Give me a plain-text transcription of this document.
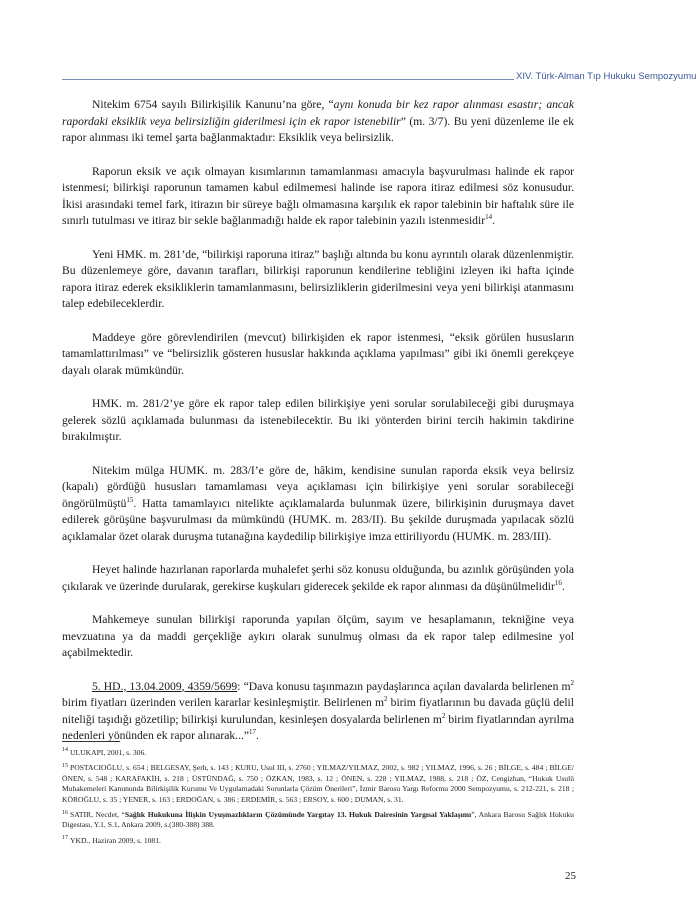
XIV. Türk-Alman Tıp Hukuku Sempozyumu

Nitekim 6754 sayılı Bilirkişilik Kanunu’na göre, “aynı konuda bir kez rapor alınması esastır; ancak rapordaki eksiklik veya belirsizliğin giderilmesi için ek rapor istenebilir” (m. 3/7). Bu yeni düzenleme ile ek rapor alınması iki temel şarta bağlanmaktadır: Eksiklik veya belirsizlik.

Raporun eksik ve açık olmayan kısımlarının tamamlanması amacıyla başvurulması halinde ek rapor istenmesi; bilirkişi raporunun tamamen kabul edilmemesi halinde ise rapora itiraz edilmesi söz konusudur. İkisi arasındaki temel fark, itirazın bir süreye bağlı olmamasına karşılık ek rapor talebinin bir haftalık süre ile sınırlı tutulması ve itiraz bir sekle bağlanmadığı halde ek rapor talebinin yazılı istenmesidir$^{14}$.

Yeni HMK. m. 281’de, “bilirkişi raporuna itiraz” başlığı altında bu konu ayrıntılı olarak düzenlenmiştir. Bu düzenlemeye göre, davanın tarafları, bilirkişi raporunun kendilerine tebliğini izleyen iki hafta içinde rapora itiraz ederek eksikliklerin tamamlanmasını, belirsizliklerin giderilmesini veya yeni bilirkişi atanmasını talep edebileceklerdir.

Maddeye göre görevlendirilen (mevcut) bilirkişiden ek rapor istenmesi, “eksik görülen hususların tamamlattırılması” ve “belirsizlik gösteren hususlar hakkında açıklama yapılması” gibi iki önemli gerekçeye dayalı olarak mümkündür.

HMK. m. 281/2’ye göre ek rapor talep edilen bilirkişiye yeni sorular sorulabileceği gibi duruşmaya gelerek sözlü açıklamada bulunması da istenebilecektir. Bu iki yönterden birini tercih hakimin takdirine bırakılmıştır.

Nitekim mülga HUMK. m. 283/I’e göre de, hâkim, kendisine sunulan raporda eksik veya belirsiz (kapalı) gördüğü hususları tamamlaması veya açıklaması için bilirkişiye yeni sorular sorabileceği öngörülmüştü$^{15}$. Hatta tamamlayıcı nitelikte açıklamalarda bulunmak üzere, bilirkişinin duruşmaya davet edilerek görüşüne başvurulması da mümkündü (HUMK. m. 283/II). Bu şekilde duruşmada yapılacak sözlü açıklamalar özet olarak duruşma tutanağına kaydedilip bilirkişiye imza ettiriliyordu (HUMK. m. 283/III).

Heyet halinde hazırlanan raporlarda muhalefet şerhi söz konusu olduğunda, bu azınlık görüşünden yola çıkılarak ve üzerinde durularak, gerekirse kuşkuları giderecek şekilde ek rapor alınması da düşünülmelidir$^{16}$.

Mahkemeye sunulan bilirkişi raporunda yapılan ölçüm, sayım ve hesaplamanın, tekniğine veya mevzuatına ya da maddi gerçekliğe aykırı olarak sunulmuş olması da ek rapor talep edilmesine yol açabilmektedir.

5. HD., 13.04.2009, 4359/5699: “Dava konusu taşınmazın paydaşlarınca açılan davalarda belirlenen $m^2$ birim fiyatları üzerinden verilen kararlar kesinleşmiştir. Belirlenen $m^2$ birim fiyatlarının bu davada güçlü delil niteliği taşıdığı gözetilip; bilirkişi kurulundan, kesinleşen dosyalarda belirlenen $m^2$ birim fiyatlarından ayrılma nedenleri yönünden ek rapor alınarak...”$^{17}$.

$^{14}$ ULUKAPI, 2001, s. 306.

$^{15}$ POSTACIOĞLU, s. 654 ; BELGESAY, Şerh, s. 143 ; KURU, Usul III, s. 2760 ; YILMAZ/YILMAZ, 2002, s. 982 ; YILMAZ, 1996, s. 26 ; BİLGE, s. 484 ; BİLGE/ÖNEN, s. 548 ; KARAFAKİH, s. 218 ; ÜSTÜNDAĞ, s. 750 ; ÖZKAN, 1983, s. 12 ; ÖNEN, s. 228 ; YILMAZ, 1988, s. 218 ; ÖZ, Cengizhan, “Hukuk Usulü Muhakemeleri Kanununda Bilirkişilik Kurumu Ve Uygulamadaki Sorunlarla Çözüm Önerileri”, İzmir Barosu Yargı Reformu 2000 Sempozyumu, s. 212-221, s. 218 ; KÖROĞLU, s. 35 ; YENER, s. 163 ; ERDOĞAN, s. 386 ; ERDEMİR, s. 563 ; ERSOY, s. 600 ; DUMAN, s. 31.

$^{16}$ SATIR, Necdet, “Sağlık Hukukuna İlişkin Uyuşmazlıkların Çözümünde Yargıtay 13. Hukuk Dairesinin Yargısal Yaklaşımı”, Ankara Barosu Sağlık Hukuku Digestası, Y.1, S.1, Ankara 2009, s.(380-388) 388.

$^{17}$ YKD., Haziran 2009, s. 1081.

25
